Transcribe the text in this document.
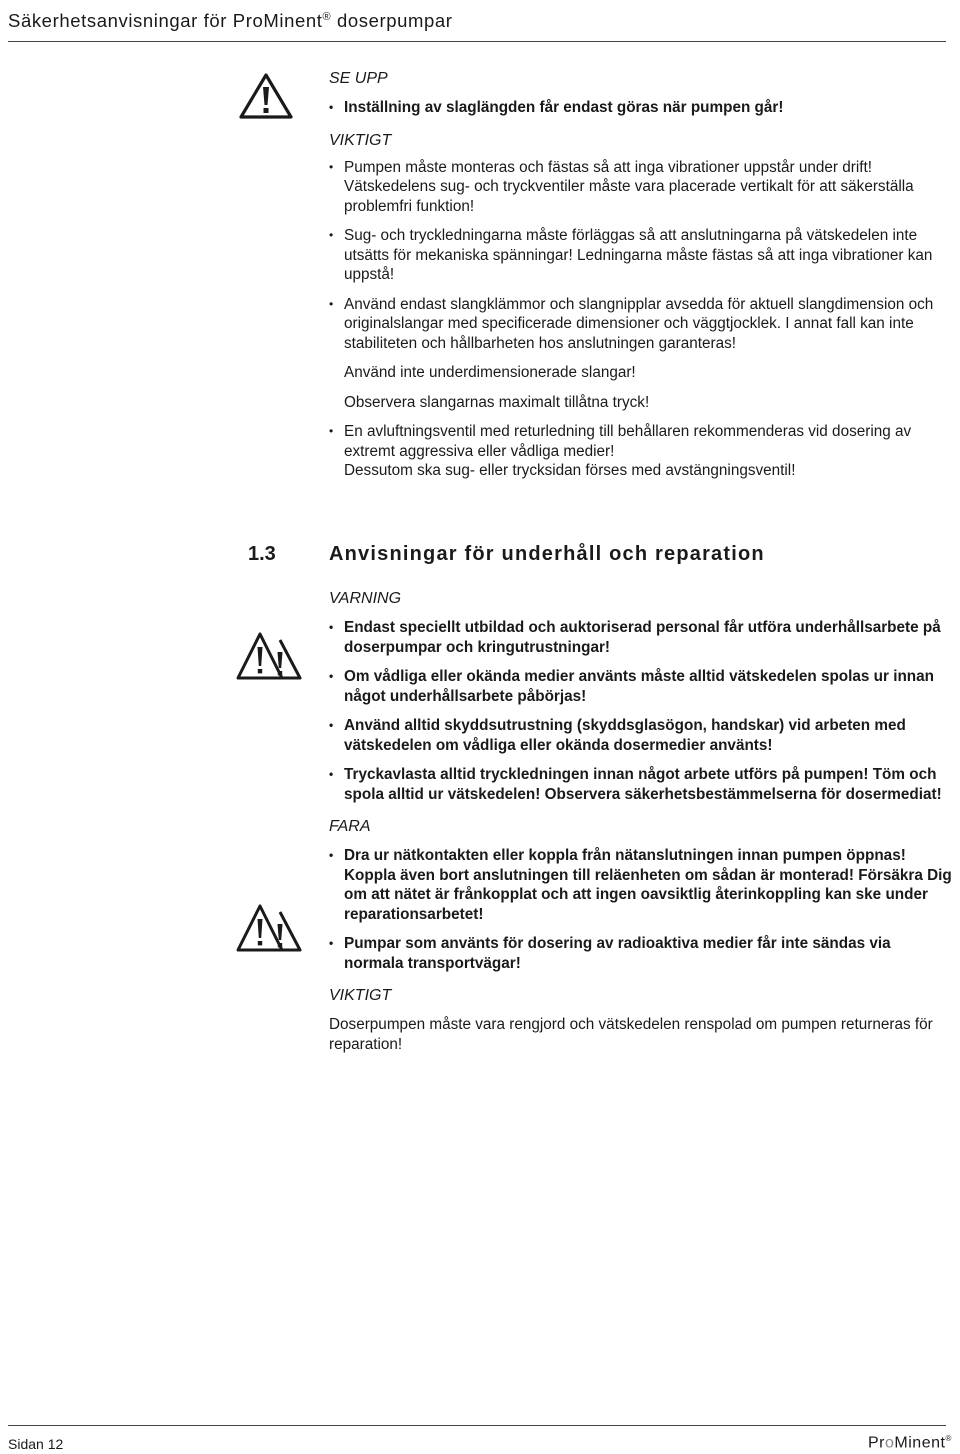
Säkerhetsanvisningar för ProMinent® doserpumpar

SE UPP

• Inställning av slaglängden får endast göras när pumpen går!

VIKTIGT

• Pumpen måste monteras och fästas så att inga vibrationer uppstår under drift! Vätskedelens sug- och tryckventiler måste vara placerade vertikalt för att säkerställa problemfri funktion!
• Sug- och tryckledningarna måste förläggas så att anslutningarna på vätskedelen inte utsätts för mekaniska spänningar! Ledningarna måste fästas så att inga vibrationer kan uppstå!
• Använd endast slangklämmor och slangnipplar avsedda för aktuell slangdimension och originalslangar med specificerade dimensioner och väggtjocklek. I annat fall kan inte stabiliteten och hållbarheten hos anslutningen garanteras!

Använd inte underdimensionerade slangar!

Observera slangarnas maximalt tillåtna tryck!

• En avluftningsventil med returledning till behållaren rekommenderas vid dosering av extremt aggressiva eller vådliga medier!
Dessutom ska sug- eller trycksidan förses med avstängningsventil!
1.3	Anvisningar för underhåll och reparation

VARNING

• Endast speciellt utbildad och auktoriserad personal får utföra underhållsarbete på doserpumpar och kringutrustningar!
• Om vådliga eller okända medier använts måste alltid vätskedelen spolas ur innan något underhållsarbete påbörjas!
• Använd alltid skyddsutrustning (skyddsglasögon, handskar) vid arbeten med vätskedelen om vådliga eller okända dosermedier använts!
• Tryckavlasta alltid tryckledningen innan något arbete utförs på pumpen! Töm och spola alltid ur vätskedelen! Observera säkerhetsbestämmelserna för dosermediat!

FARA

• Dra ur nätkontakten eller koppla från nätanslutningen innan pumpen öppnas! Koppla även bort anslutningen till reläenheten om sådan är monterad! Försäkra Dig om att nätet är frånkopplat och att ingen oavsiktlig återinkoppling kan ske under reparationsarbetet!
• Pumpar som använts för dosering av radioaktiva medier får inte sändas via normala transportvägar!

VIKTIGT

Doserpumpen måste vara rengjord och vätskedelen renspolad om pumpen returneras för reparation!

Sidan 12	ProMinent®
